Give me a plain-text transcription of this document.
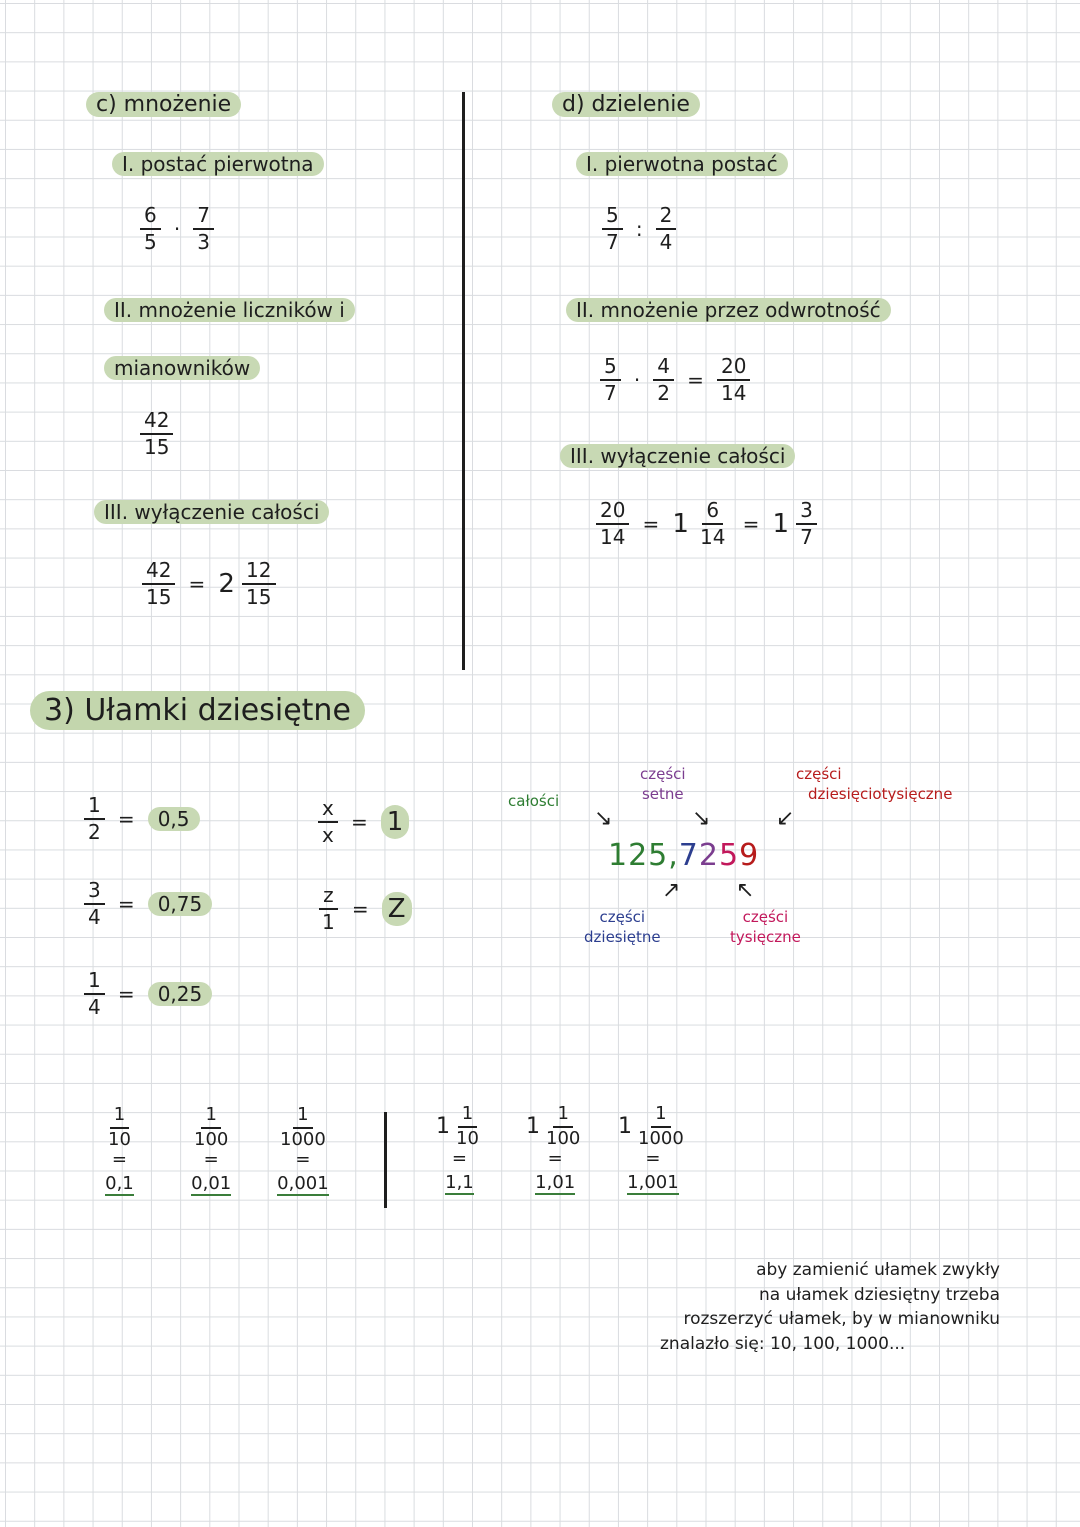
c) mnożenie
I. postać pierwotna
$\frac{6}{5} \cdot \frac{7}{3}$
II. mnożenie liczników i
mianowników
$\frac{42}{15}$
III. wyłączenie całości
$\frac{42}{15} = 2 \frac{12}{15}$
d) dzielenie
I. pierwotna postać
$\frac{5}{7}$ : $\frac{2}{4}$
II. mnożenie przez odwrotność
$\frac{5}{7} \cdot \frac{4}{2} = \frac{20}{14}$
III. wyłączenie całości
$\frac{20}{14} = 1 \frac{6}{14} = 1 \frac{3}{7}$
3) Ułamki dziesiętne
$\frac{1}{2} = 0,5$
$\frac{3}{4} = 0,75$
$\frac{1}{4} = 0,25$
$\frac{x}{x} = 1$
$\frac{z}{1} = Z$
całości
↘
części
setne
↘
części
dziesięciotysięczne
↙
125,7259
↗
części
dziesiętne
↖
części
tysięczne
$\frac{1}{10}$
=
0,1
$\frac{1}{100}$
=
0,01
$\frac{1}{1000}$
=
0,001
$1 \frac{1}{10}$
=
1,1
$1 \frac{1}{100}$
=
1,01
$1 \frac{1}{1000}$
=
1,001
aby zamienić ułamek zwykły
na ułamek dziesiętny trzeba
rozszerzyć ułamek, by w mianowniku
znalazło się: 10, 100, 1000...
